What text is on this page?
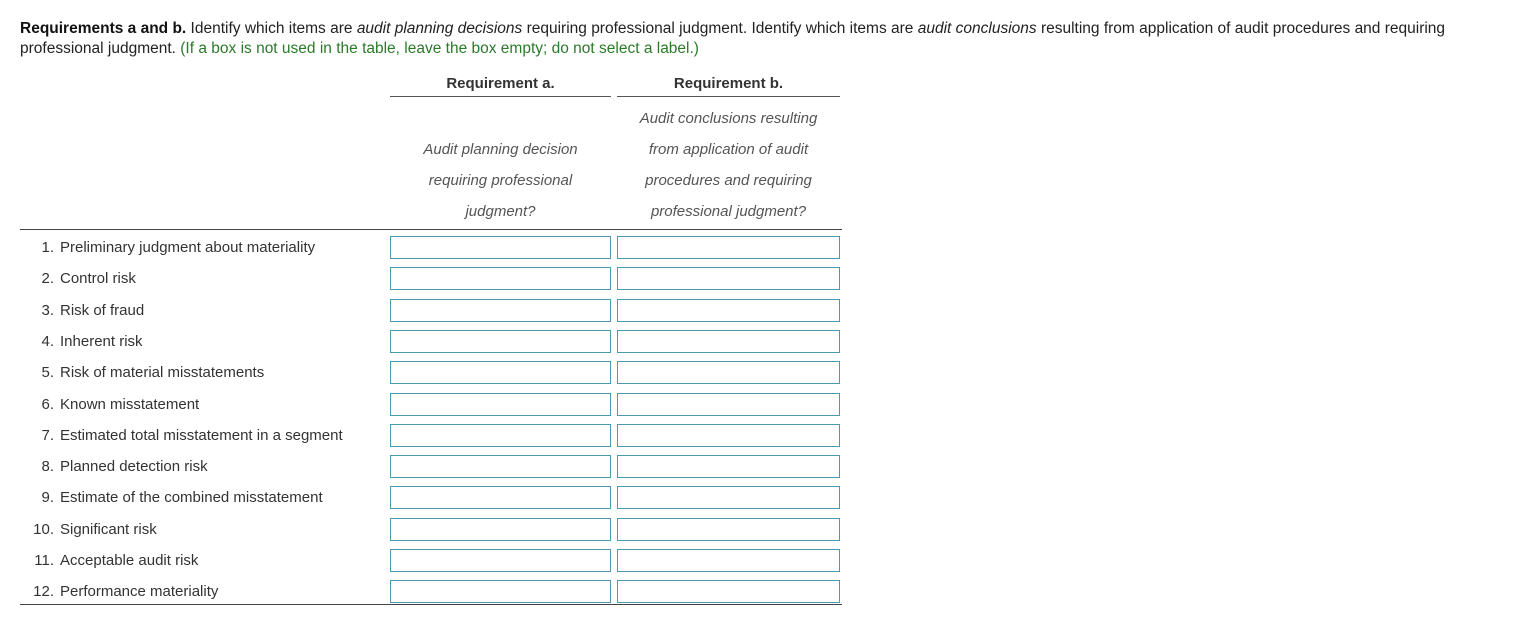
Requirements a and b. Identify which items are audit planning decisions requiring professional judgment. Identify which items are audit conclusions resulting from application of audit procedures and requiring professional judgment. (If a box is not used in the table, leave the box empty; do not select a label.)
Requirement a.	Requirement b.
Audit planning decision
requiring professional
judgment?
Audit conclusions resulting
from application of audit
procedures and requiring
professional judgment?
1. Preliminary judgment about materiality
2. Control risk
3. Risk of fraud
4. Inherent risk
5. Risk of material misstatements
6. Known misstatement
7. Estimated total misstatement in a segment
8. Planned detection risk
9. Estimate of the combined misstatement
10. Significant risk
11. Acceptable audit risk
12. Performance materiality
